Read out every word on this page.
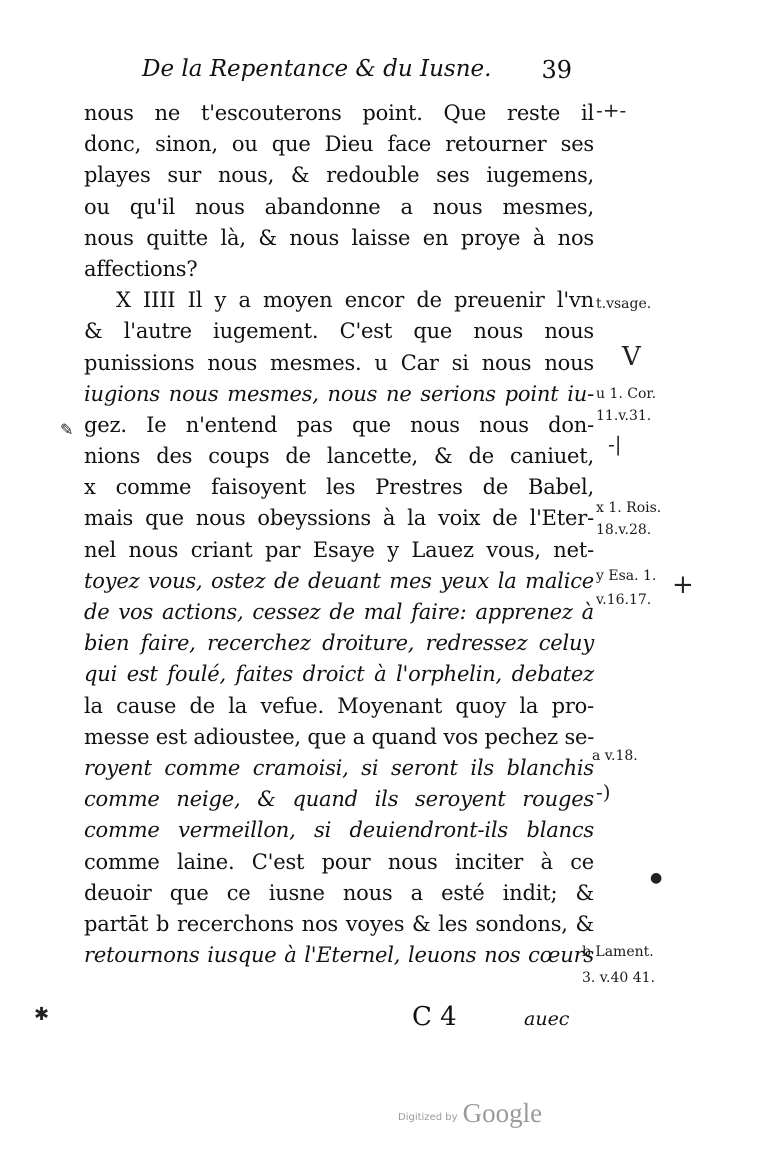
De la Repentance & du Iusne. 39
nous ne t'escouterons point. Que reste il
donc, sinon, ou que Dieu face retourner ses
playes sur nous, & redouble ses iugemens,
ou qu'il nous abandonne a nous mesmes,
nous quitte là, & nous laisse en proye à nos
affections?
X IIII Il y a moyen encor de preuenir l'vn
& l'autre iugement. C'est que nous nous
punissions nous mesmes. u Car si nous nous
iugions nous mesmes, nous ne serions point iu-
gez. Ie n'entend pas que nous nous don-
nions des coups de lancette, & de caniuet,
x comme faisoyent les Prestres de Babel,
mais que nous obeyssions à la voix de l'Eter-
nel nous criant par Esaye y Lauez vous, net-
toyez vous, ostez de deuant mes yeux la malice
de vos actions, cessez de mal faire: apprenez à
bien faire, recerchez droiture, redressez celuy
qui est foulé, faites droict à l'orphelin, debatez
la cause de la vefue. Moyenant quoy la pro-
messe est adioustee, que a quand vos pechez se-
royent comme cramoisi, si seront ils blanchis
comme neige, & quand ils seroyent rouges
comme vermeillon, si deuiendront-ils blancs
comme laine. C'est pour nous inciter à ce
deuoir que ce iusne nous a esté indit; &
partāt b recerchons nos voyes & les sondons, &
retournons iusque à l'Eternel, leuons nos cœurs
-+-
t.vsage.
V
u 1. Cor.
11.v.31.
-|
x 1. Rois.
18.v.28.
y Esa. 1.
v.16.17. +
a v.18.
-)
●
b Lament.
3. v.40 41.
✎
✱	C 4	auec
Digitized by Google
